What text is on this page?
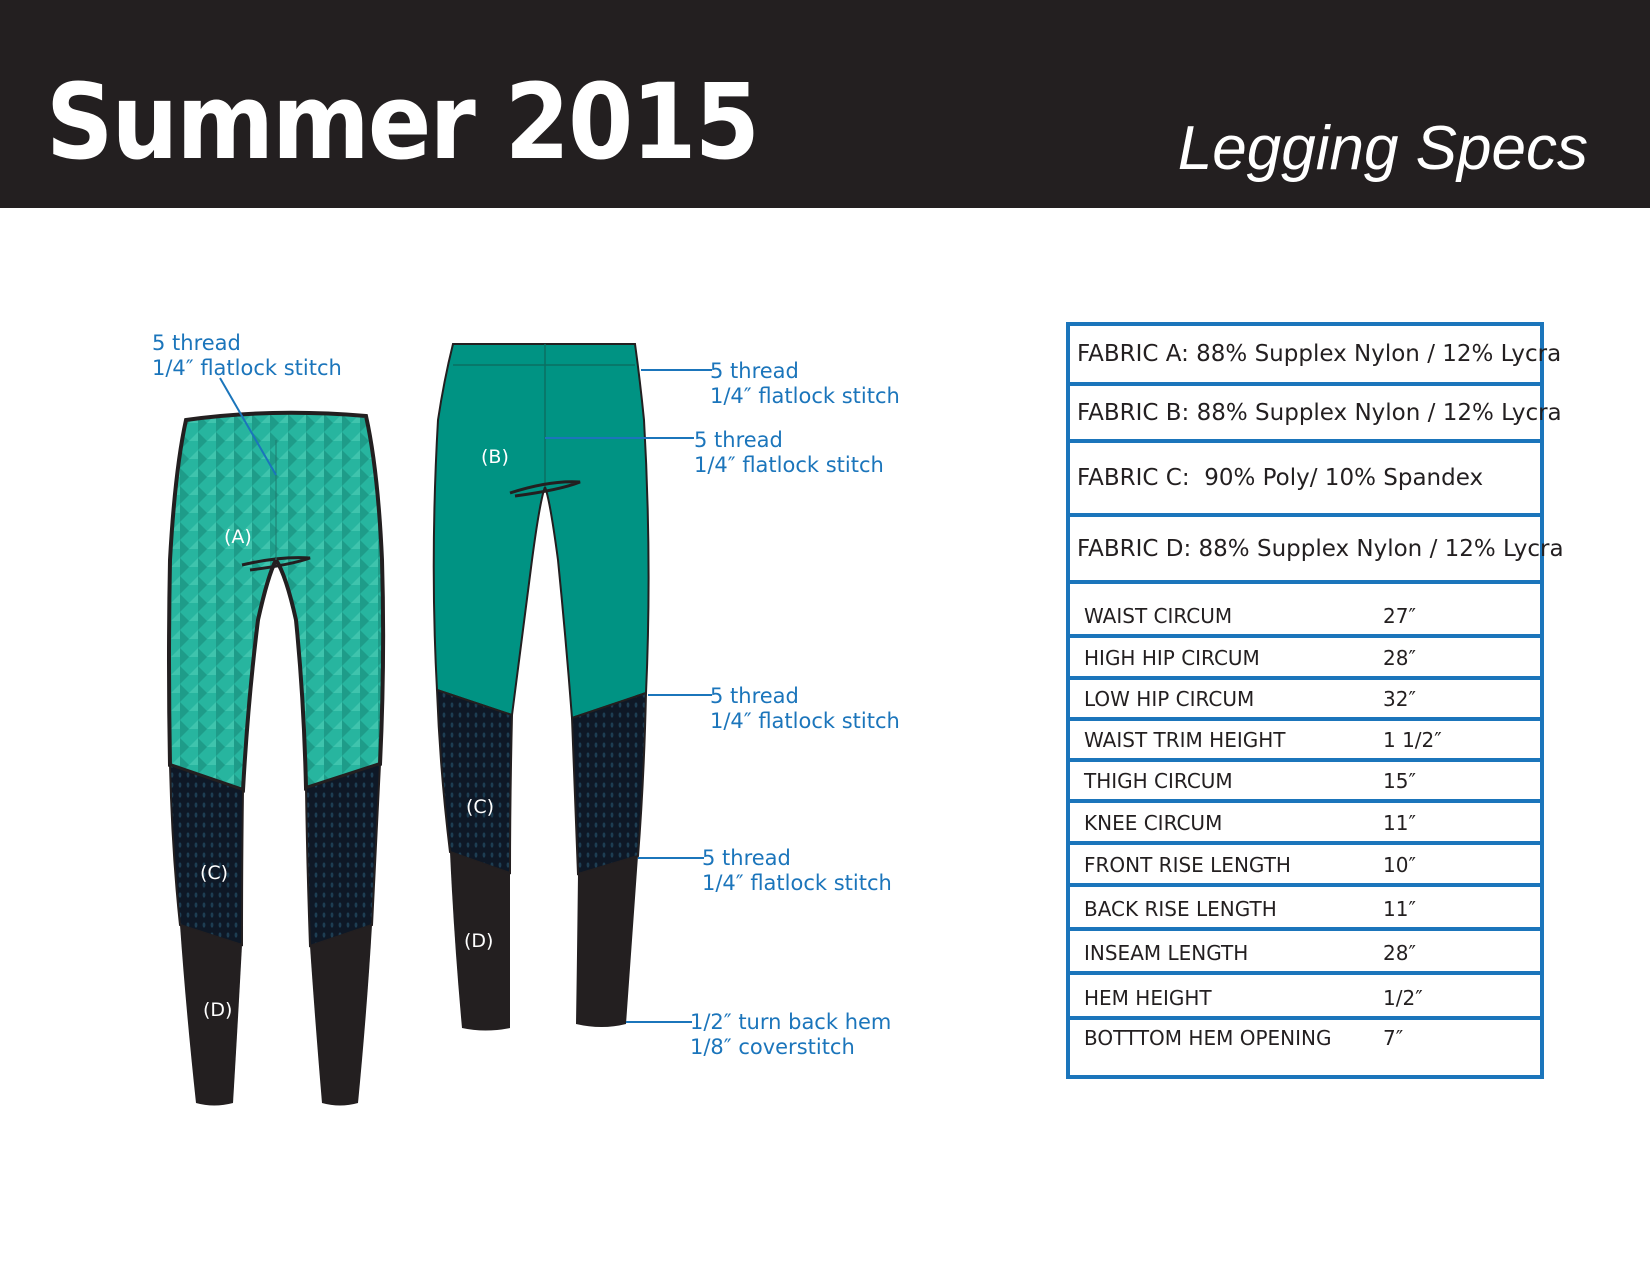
Summer 2015	Legging Specs
(A)
(C)
(D)
(B)
(C)
(D)
5 thread
1/4″ flatlock stitch	5 thread
1/4″ flatlock stitch
5 thread
1/4″ flatlock stitch
5 thread
1/4″ flatlock stitch
5 thread
1/4″ flatlock stitch
1/2″ turn back hem
1/8″ coverstitch
FABRIC A: 88% Supplex Nylon / 12% Lycra
FABRIC B: 88% Supplex Nylon / 12% Lycra
FABRIC C:  90% Poly/ 10% Spandex
FABRIC D: 88% Supplex Nylon / 12% Lycra
WAIST CIRCUM	27″
HIGH HIP CIRCUM	28″
LOW HIP CIRCUM	32″
WAIST TRIM HEIGHT	1 1/2″
THIGH CIRCUM	15″
KNEE CIRCUM	11″
FRONT RISE LENGTH	10″
BACK RISE LENGTH	11″
INSEAM LENGTH	28″
HEM HEIGHT	1/2″
BOTTTOM HEM OPENING	7″
